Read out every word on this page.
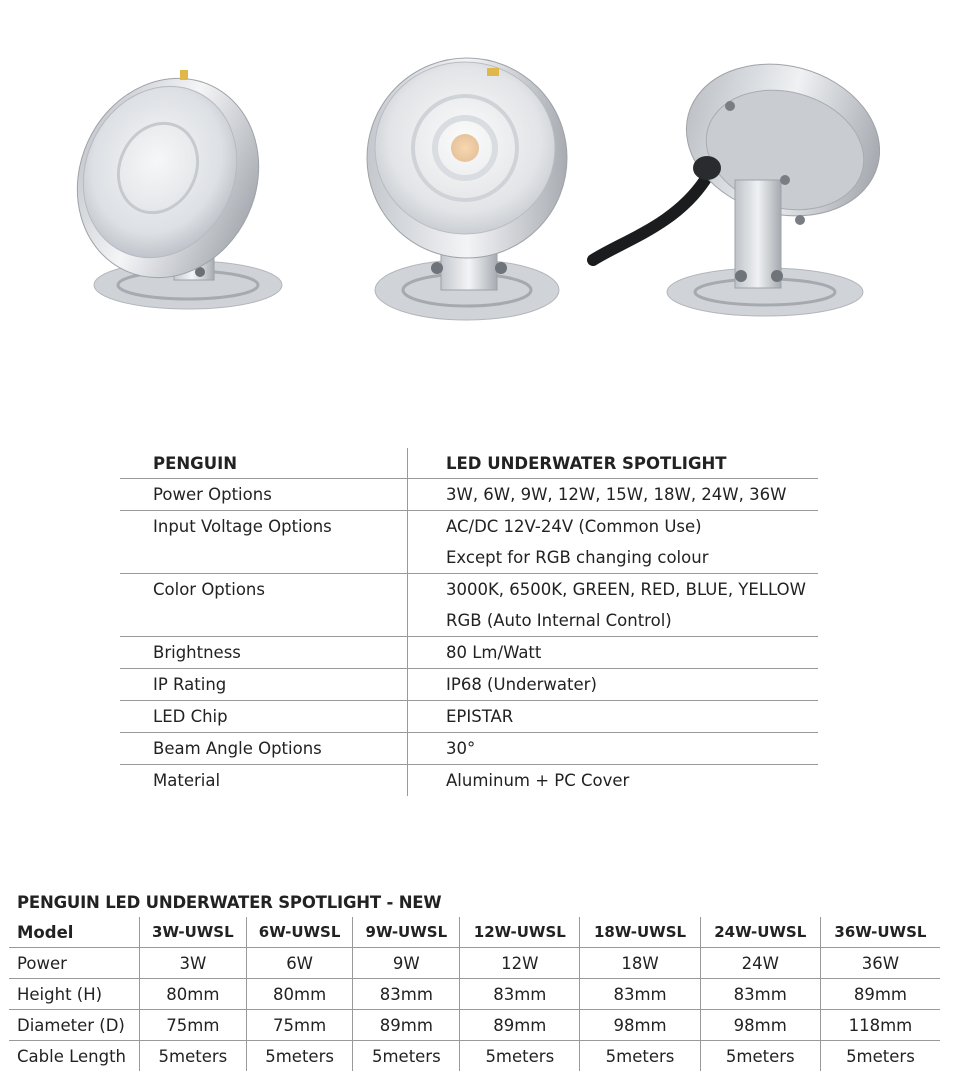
PENGUIN	LED UNDERWATER SPOTLIGHT
Power Options	3W, 6W, 9W, 12W, 15W, 18W, 24W, 36W
Input Voltage Options	AC/DC 12V-24V (Common Use)
	Except for RGB changing colour
Color Options	3000K, 6500K, GREEN, RED, BLUE, YELLOW
	RGB (Auto Internal Control)
Brightness	80 Lm/Watt
IP Rating	IP68 (Underwater)
LED Chip	EPISTAR
Beam Angle Options	30°
Material	Aluminum + PC Cover
PENGUIN LED UNDERWATER SPOTLIGHT - NEW
Model	3W-UWSL	6W-UWSL	9W-UWSL	12W-UWSL	18W-UWSL	24W-UWSL	36W-UWSL
Power	3W	6W	9W	12W	18W	24W	36W
Height (H)	80mm	80mm	83mm	83mm	83mm	83mm	89mm
Diameter (D)	75mm	75mm	89mm	89mm	98mm	98mm	118mm
Cable Length	5meters	5meters	5meters	5meters	5meters	5meters	5meters
